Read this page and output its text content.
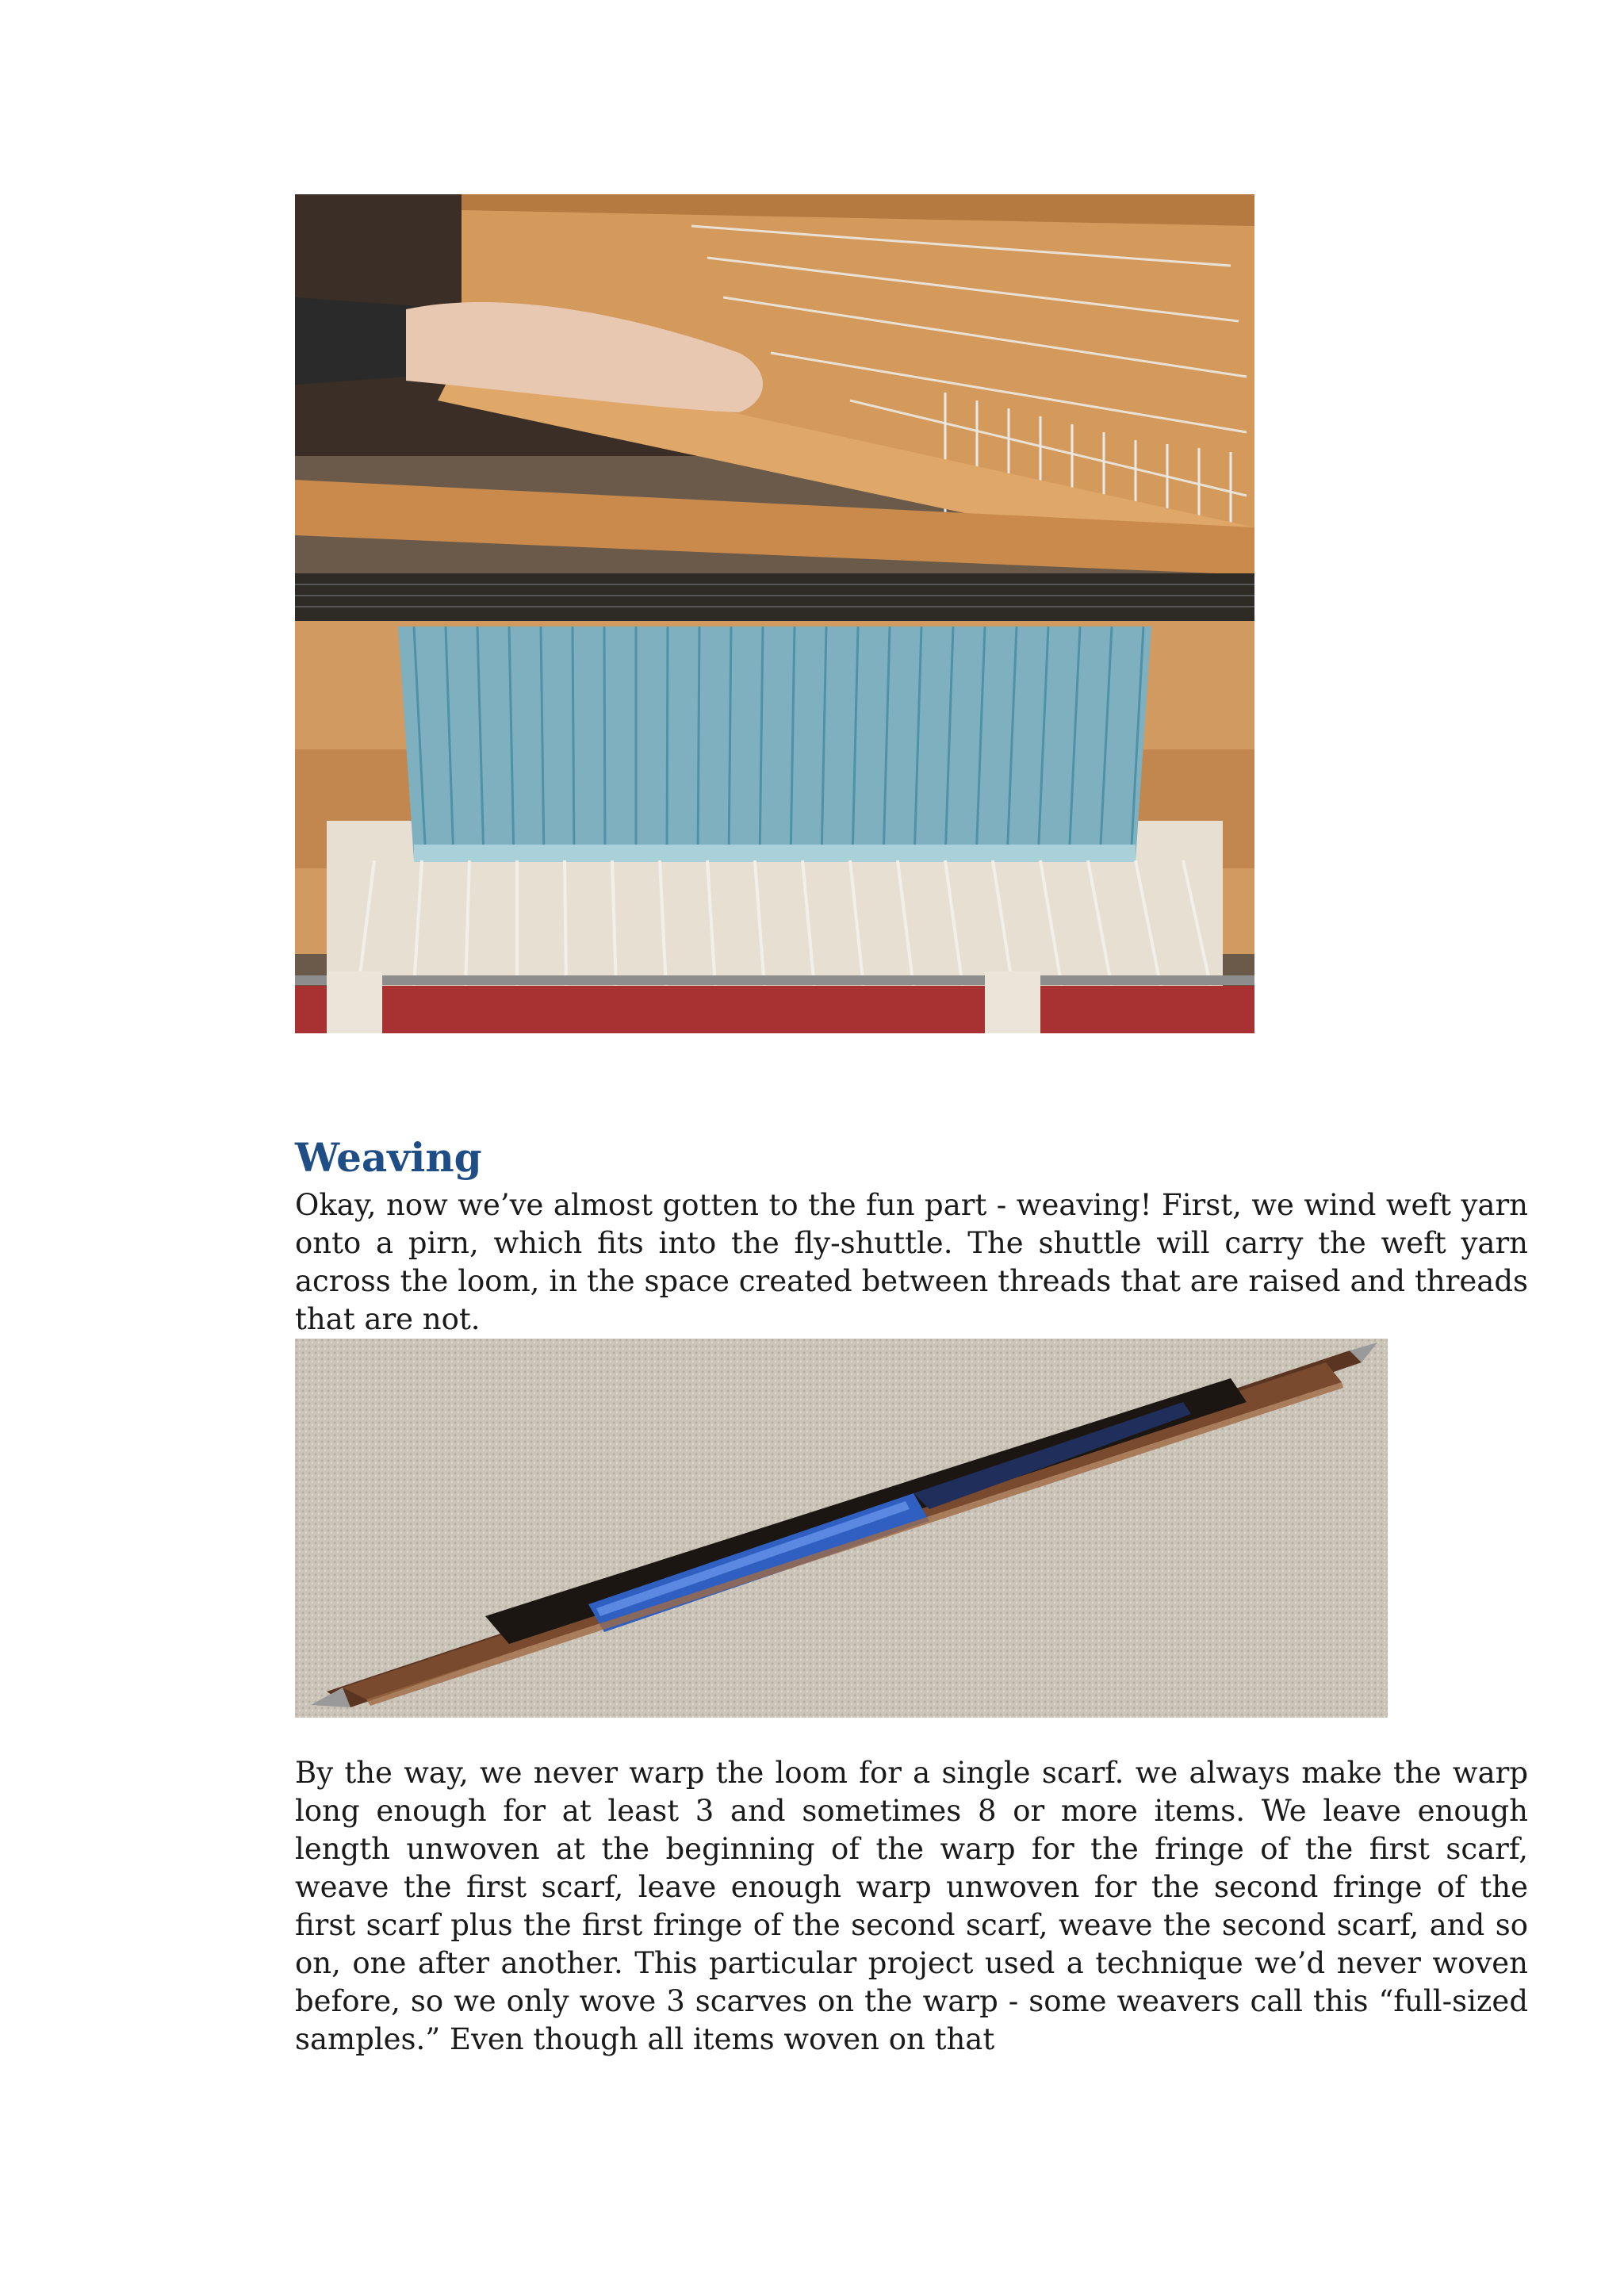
Weaving

Okay, now we’ve almost gotten to the fun part - weaving! First, we wind weft yarn onto a pirn, which fits into the fly-shuttle. The shuttle will carry the weft yarn across the loom, in the space created between threads that are raised and threads that are not.

By the way, we never warp the loom for a single scarf. we always make the warp long enough for at least 3 and sometimes 8 or more items. We leave enough length unwoven at the beginning of the warp for the fringe of the first scarf, weave the first scarf, leave enough warp unwoven for the second fringe of the first scarf plus the first fringe of the second scarf, weave the second scarf, and so on, one after another. This particular project used a technique we’d never woven before, so we only wove 3 scarves on the warp - some weavers call this “full-sized samples.” Even though all items woven on that
